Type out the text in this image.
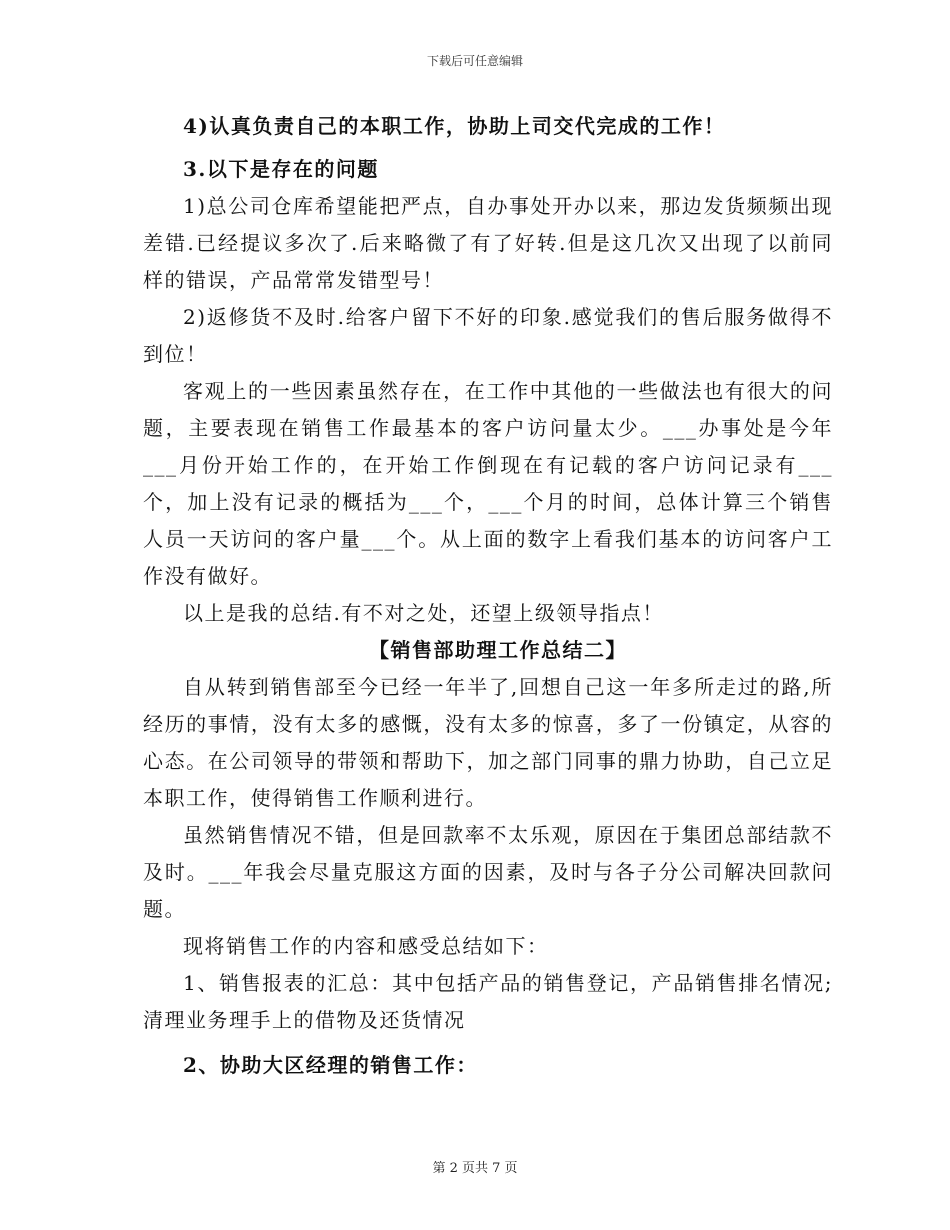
下载后可任意编辑

4)认真负责自己的本职工作，协助上司交代完成的工作！

3.以下是存在的问题

1)总公司仓库希望能把严点，自办事处开办以来，那边发货频频出现差错.已经提议多次了.后来略微了有了好转.但是这几次又出现了以前同样的错误，产品常常发错型号！

2)返修货不及时.给客户留下不好的印象.感觉我们的售后服务做得不到位！

客观上的一些因素虽然存在，在工作中其他的一些做法也有很大的问题，主要表现在销售工作最基本的客户访问量太少。___办事处是今年___月份开始工作的，在开始工作倒现在有记载的客户访问记录有___个，加上没有记录的概括为___个，___个月的时间，总体计算三个销售人员一天访问的客户量___个。从上面的数字上看我们基本的访问客户工作没有做好。

以上是我的总结.有不对之处，还望上级领导指点！

【销售部助理工作总结二】

自从转到销售部至今已经一年半了,回想自己这一年多所走过的路,所经历的事情，没有太多的感慨，没有太多的惊喜，多了一份镇定，从容的心态。在公司领导的带领和帮助下，加之部门同事的鼎力协助，自己立足本职工作，使得销售工作顺利进行。

虽然销售情况不错，但是回款率不太乐观，原因在于集团总部结款不及时。___年我会尽量克服这方面的因素，及时与各子分公司解决回款问题。

现将销售工作的内容和感受总结如下：

1、销售报表的汇总：其中包括产品的销售登记，产品销售排名情况;清理业务理手上的借物及还货情况

2、协助大区经理的销售工作：

第 2 页共 7 页
